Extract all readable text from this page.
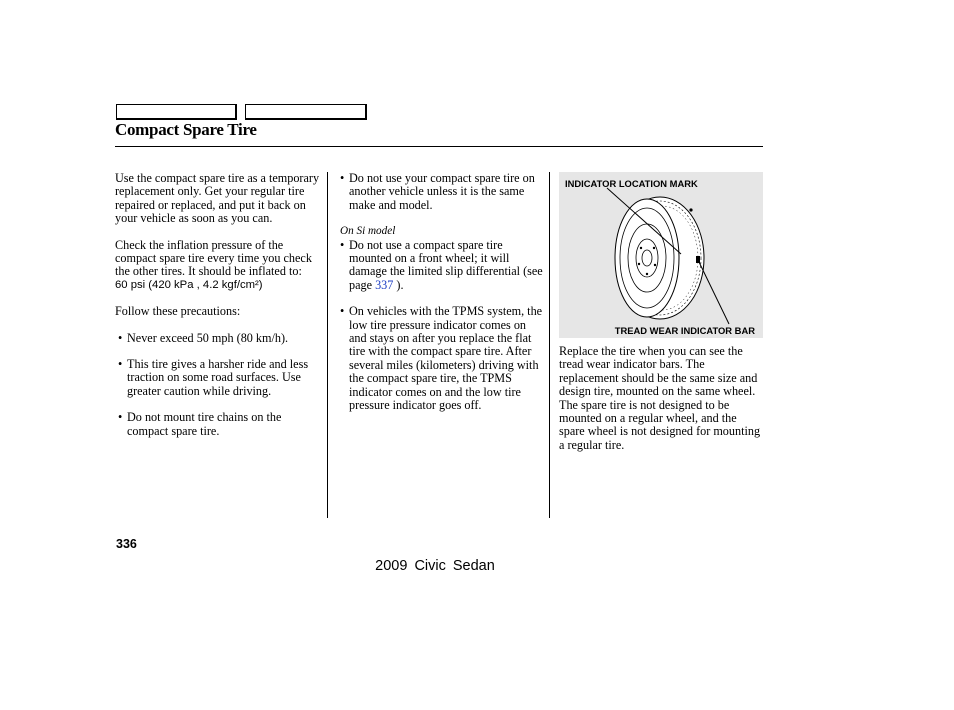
Compact Spare Tire

Use the compact spare tire as a temporary replacement only. Get your regular tire repaired or replaced, and put it back on your vehicle as soon as you can.

Check the inflation pressure of the compact spare tire every time you check the other tires. It should be inflated to:

60 psi (420 kPa , 4.2 kgf/cm²)

Follow these precautions:

• Never exceed 50 mph (80 km/h).

• This tire gives a harsher ride and less traction on some road surfaces. Use greater caution while driving.

• Do not mount tire chains on the compact spare tire.

• Do not use your compact spare tire on another vehicle unless it is the same make and model.

On Si model

• Do not use a compact spare tire mounted on a front wheel; it will damage the limited slip differential (see page 337 ).

• On vehicles with the TPMS system, the low tire pressure indicator comes on and stays on after you replace the flat tire with the compact spare tire. After several miles (kilometers) driving with the compact spare tire, the TPMS indicator comes on and the low tire pressure indicator goes off.

INDICATOR LOCATION MARK
TREAD WEAR INDICATOR BAR

Replace the tire when you can see the tread wear indicator bars. The replacement should be the same size and design tire, mounted on the same wheel. The spare tire is not designed to be mounted on a regular wheel, and the spare wheel is not designed for mounting a regular tire.

336
2009 Civic Sedan
